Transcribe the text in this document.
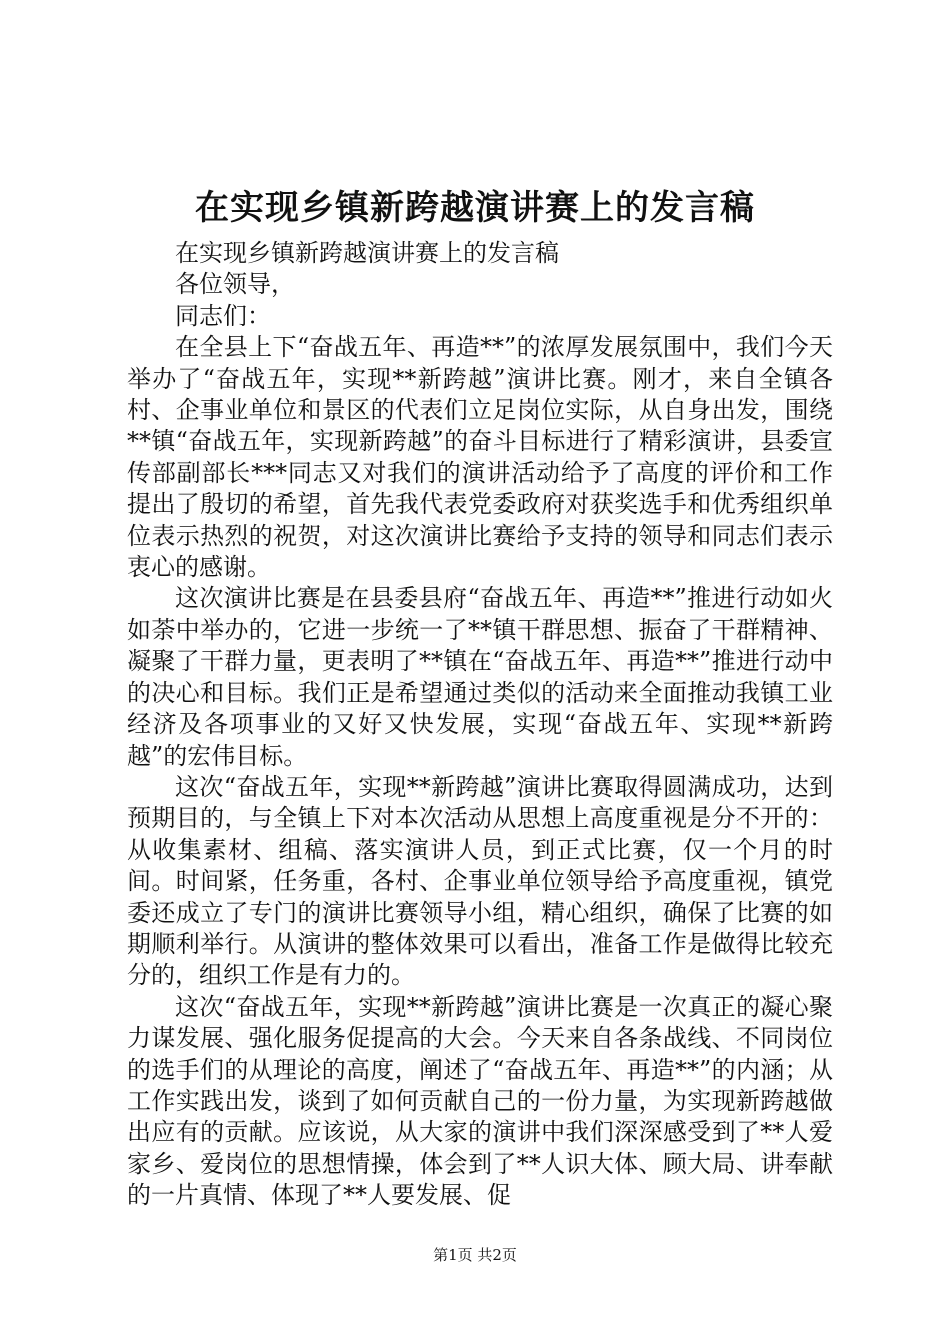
在实现乡镇新跨越演讲赛上的发言稿

在实现乡镇新跨越演讲赛上的发言稿

各位领导，

同志们：

在全县上下“奋战五年、再造**”的浓厚发展氛围中，我们今天举办了“奋战五年，实现**新跨越”演讲比赛。刚才，来自全镇各村、企事业单位和景区的代表们立足岗位实际，从自身出发，围绕**镇“奋战五年，实现新跨越”的奋斗目标进行了精彩演讲，县委宣传部副部长***同志又对我们的演讲活动给予了高度的评价和工作提出了殷切的希望，首先我代表党委政府对获奖选手和优秀组织单位表示热烈的祝贺，对这次演讲比赛给予支持的领导和同志们表示衷心的感谢。

这次演讲比赛是在县委县府“奋战五年、再造**”推进行动如火如荼中举办的，它进一步统一了**镇干群思想、振奋了干群精神、凝聚了干群力量，更表明了**镇在“奋战五年、再造**”推进行动中的决心和目标。我们正是希望通过类似的活动来全面推动我镇工业经济及各项事业的又好又快发展，实现“奋战五年、实现**新跨越”的宏伟目标。

这次“奋战五年，实现**新跨越”演讲比赛取得圆满成功，达到预期目的，与全镇上下对本次活动从思想上高度重视是分不开的：从收集素材、组稿、落实演讲人员，到正式比赛，仅一个月的时间。时间紧，任务重，各村、企事业单位领导给予高度重视，镇党委还成立了专门的演讲比赛领导小组，精心组织，确保了比赛的如期顺利举行。从演讲的整体效果可以看出，准备工作是做得比较充分的，组织工作是有力的。

这次“奋战五年，实现**新跨越”演讲比赛是一次真正的凝心聚力谋发展、强化服务促提高的大会。今天来自各条战线、不同岗位的选手们的从理论的高度，阐述了“奋战五年、再造**”的内涵；从工作实践出发，谈到了如何贡献自己的一份力量，为实现新跨越做出应有的贡献。应该说，从大家的演讲中我们深深感受到了**人爱家乡、爱岗位的思想情操，体会到了**人识大体、顾大局、讲奉献的一片真情、体现了**人要发展、促

第1页 共2页
